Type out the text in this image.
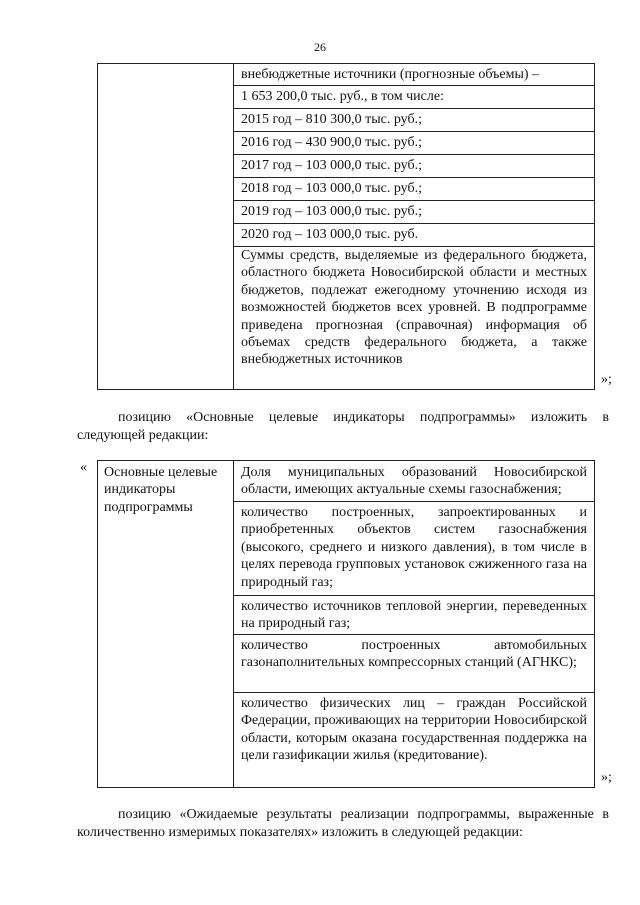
26
внебюджетные источники (прогнозные объемы) –
1 653 200,0 тыс. руб., в том числе:
2015 год – 810 300,0 тыс. руб.;
2016 год – 430 900,0 тыс. руб.;
2017 год – 103 000,0 тыс. руб.;
2018 год – 103 000,0 тыс. руб.;
2019 год – 103 000,0 тыс. руб.;
2020 год – 103 000,0 тыс. руб.
Суммы средств, выделяемые из федерального бюджета, областного бюджета Новосибирской области и местных бюджетов, подлежат ежегодному уточнению исходя из возможностей бюджетов всех уровней. В подпрограмме приведена прогнозная (справочная) информация об объемах средств федерального бюджета, а также внебюджетных источников
»;
позицию «Основные целевые индикаторы подпрограммы» изложить в следующей редакции:
« Основные целевые индикаторы подпрограммы
Доля муниципальных образований Новосибирской области, имеющих актуальные схемы газоснабжения;
количество построенных, запроектированных и приобретенных объектов систем газоснабжения (высокого, среднего и низкого давления), в том числе в целях перевода групповых установок сжиженного газа на природный газ;
количество источников тепловой энергии, переведенных на природный газ;
количество построенных автомобильных газонаполнительных компрессорных станций (АГНКС);
количество физических лиц – граждан Российской Федерации, проживающих на территории Новосибирской области, которым оказана государственная поддержка на цели газификации жилья (кредитование).
»;
позицию «Ожидаемые результаты реализации подпрограммы, выраженные в количественно измеримых показателях» изложить в следующей редакции:
